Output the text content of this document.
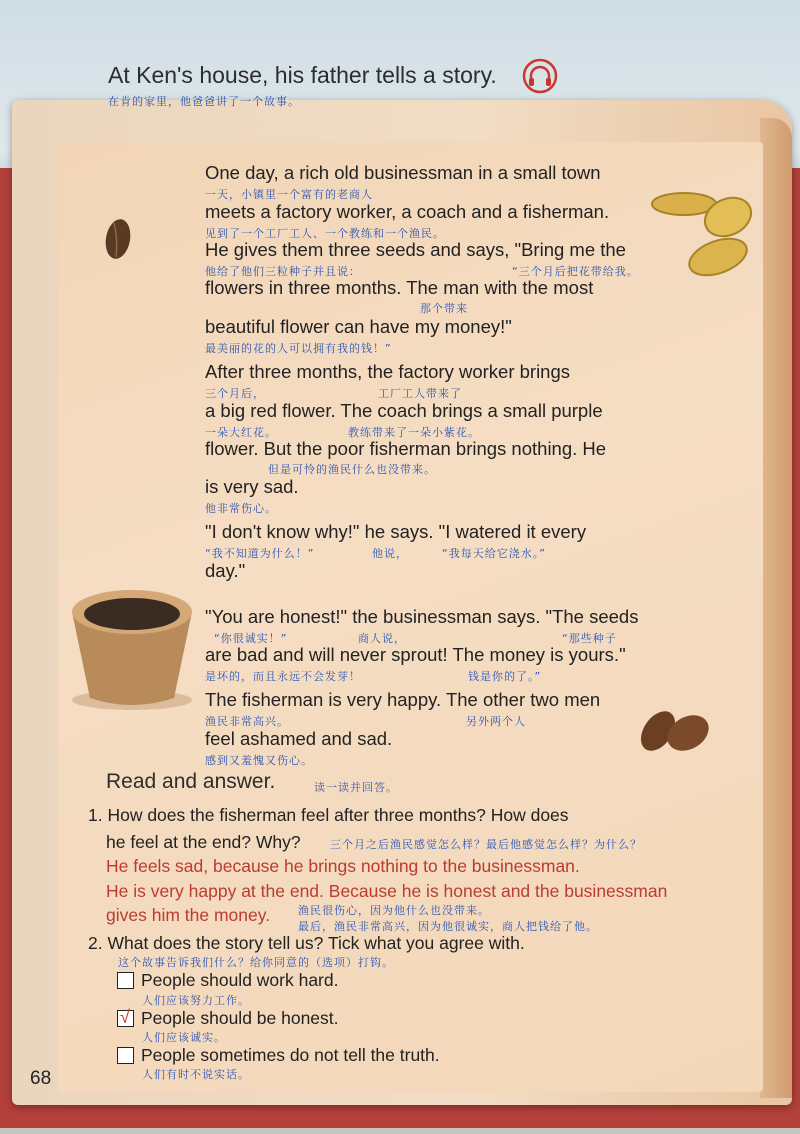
At Ken's house, his father tells a story.
在肯的家里，他爸爸讲了一个故事。
One day, a rich old businessman in a small town
一天，小镇里一个富有的老商人
meets a factory worker, a coach and a fisherman.
见到了一个工厂工人、一个教练和一个渔民。
He gives them three seeds and says, "Bring me the
他给了他们三粒种子并且说：	“三个月后把花带给我。
flowers in three months. The man with the most
那个带来
beautiful flower can have my money!"
最美丽的花的人可以拥有我的钱！”
After three months, the factory worker brings
三个月后，	工厂工人带来了
a big red flower. The coach brings a small purple
一朵大红花。	教练带来了一朵小紫花。
flower. But the poor fisherman brings nothing. He
但是可怜的渔民什么也没带来。
is very sad.
他非常伤心。
"I don't know why!" he says. "I watered it every
“我不知道为什么！”	他说，	“我每天给它浇水。”
day."
"You are honest!" the businessman says. "The seeds
“你很诚实！”	商人说，	“那些种子
are bad and will never sprout! The money is yours."
是坏的，而且永远不会发芽！	钱是你的了。”
The fisherman is very happy. The other two men
渔民非常高兴。	另外两个人
feel ashamed and sad.
感到又羞愧又伤心。
Read and answer.	读一读并回答。
1. How does the fisherman feel after three months? How does
he feel at the end? Why?	三个月之后渔民感觉怎么样？最后他感觉怎么样？为什么？
He feels sad, because he brings nothing to the businessman.
He is very happy at the end. Because he is honest and the businessman
gives him the money.	渔民很伤心，因为他什么也没带来。
最后，渔民非常高兴，因为他很诚实，商人把钱给了他。
2. What does the story tell us? Tick what you agree with.
这个故事告诉我们什么？给你同意的（选项）打钩。
People should work hard.
人们应该努力工作。
√ People should be honest.
人们应该诚实。
People sometimes do not tell the truth.
人们有时不说实话。
68
